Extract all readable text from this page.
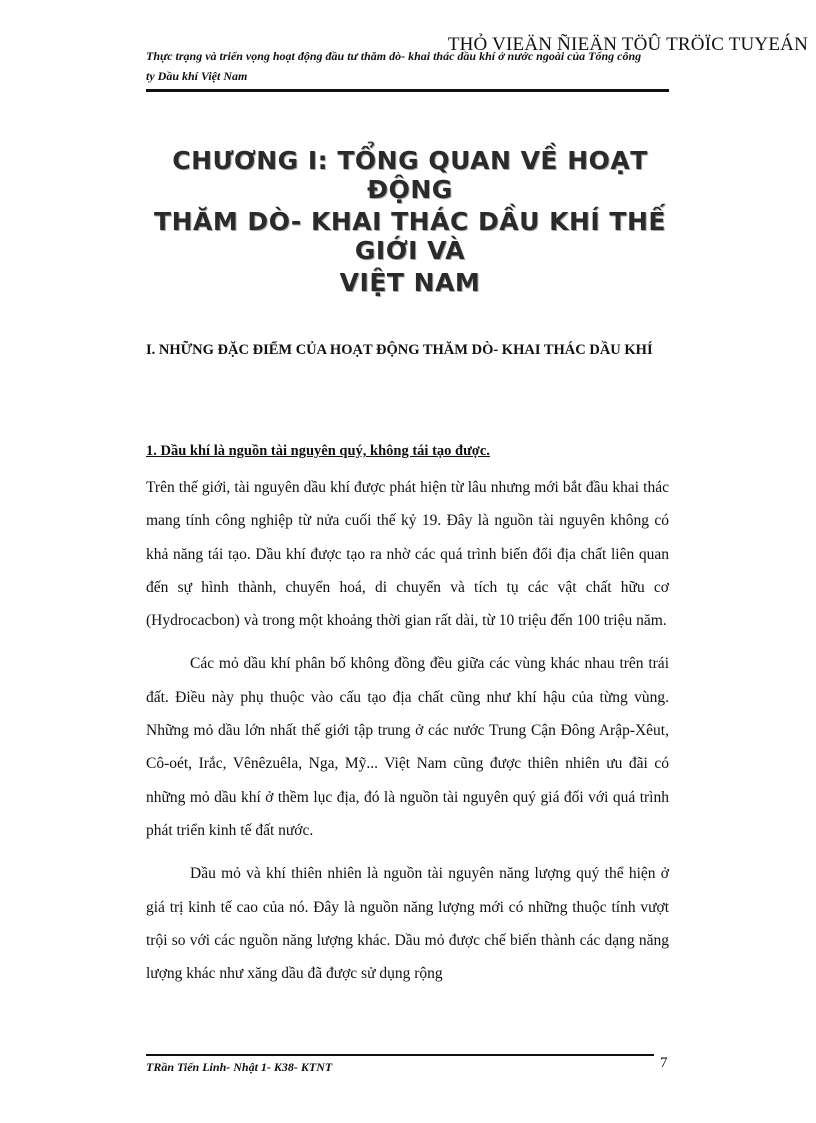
THỎ VIEÄN ÑIEÄN TÖÛ TRÖÏC TUYEÁN
Thực trạng và triển vọng hoạt động đầu tư thăm dò- khai thác dầu khí ở nước ngoài của Tổng công ty Dầu khí Việt Nam
CHƯƠNG I: TỔNG QUAN VỀ HOẠT ĐỘNG
THĂM DÒ- KHAI THÁC DẦU KHÍ THẾ GIỚI VÀ
VIỆT NAM
I. NHỮNG ĐẶC ĐIỂM CỦA HOẠT ĐỘNG THĂM DÒ- KHAI THÁC DẦU KHÍ
1. Dầu khí là nguồn tài nguyên quý, không tái tạo được.

Trên thế giới, tài nguyên dầu khí được phát hiện từ lâu nhưng mới bắt đầu khai thác mang tính công nghiệp từ nửa cuối thế kỷ 19. Đây là nguồn tài nguyên không có khả năng tái tạo. Dầu khí được tạo ra nhờ các quá trình biến đổi địa chất liên quan đến sự hình thành, chuyển hoá, di chuyển và tích tụ các vật chất hữu cơ (Hydrocacbon) và trong một khoảng thời gian rất dài, từ 10 triệu đến 100 triệu năm.

Các mỏ dầu khí phân bố không đồng đều giữa các vùng khác nhau trên trái đất. Điều này phụ thuộc vào cấu tạo địa chất cũng như khí hậu của từng vùng. Những mỏ dầu lớn nhất thế giới tập trung ở các nước Trung Cận Đông Arập-Xêut, Cô-oét, Irắc, Vênêzuêla, Nga, Mỹ... Việt Nam cũng được thiên nhiên ưu đãi có những mỏ dầu khí ở thềm lục địa, đó là nguồn tài nguyên quý giá đối với quá trình phát triển kinh tế đất nước.

Dầu mỏ và khí thiên nhiên là nguồn tài nguyên năng lượng quý thể hiện ở giá trị kinh tế cao của nó. Đây là nguồn năng lượng mới có những thuộc tính vượt trội so với các nguồn năng lượng khác. Dầu mỏ được chế biến thành các dạng năng lượng khác như xăng dầu đã được sử dụng rộng

TRần Tiến Linh- Nhật 1- K38- KTNT	7
